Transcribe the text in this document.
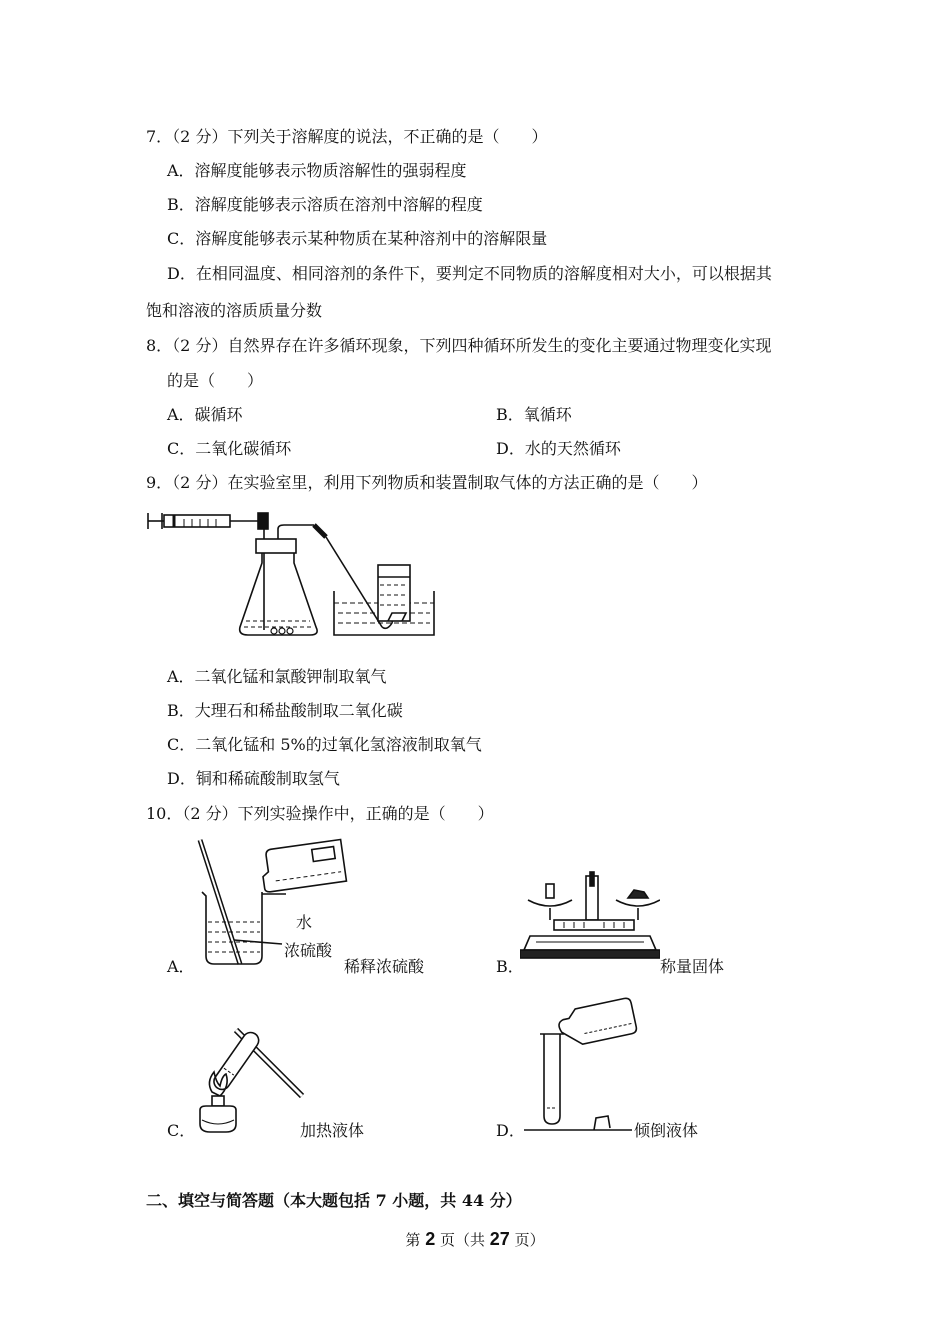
7．（2 分）下列关于溶解度的说法，不正确的是（　　）
A．溶解度能够表示物质溶解性的强弱程度
B．溶解度能够表示溶质在溶剂中溶解的程度
C．溶解度能够表示某种物质在某种溶剂中的溶解限量
D．在相同温度、相同溶剂的条件下，要判定不同物质的溶解度相对大小，可以根据其
饱和溶液的溶质质量分数
8．（2 分）自然界存在许多循环现象，下列四种循环所发生的变化主要通过物理变化实现
的是（　　）
A．碳循环	B．氧循环
C．二氧化碳循环	D．水的天然循环
9．（2 分）在实验室里，利用下列物质和装置制取气体的方法正确的是（　　）
A．二氧化锰和氯酸钾制取氧气
B．大理石和稀盐酸制取二氧化碳
C．二氧化锰和 5%的过氧化氢溶液制取氧气
D．铜和稀硫酸制取氢气
10．（2 分）下列实验操作中，正确的是（　　）
水
浓硫酸
A．	稀释浓硫酸	B．	称量固体
C．	加热液体	D．	倾倒液体
二、填空与简答题（本大题包括 7 小题，共 44 分）
第 2 页（共 27 页）
